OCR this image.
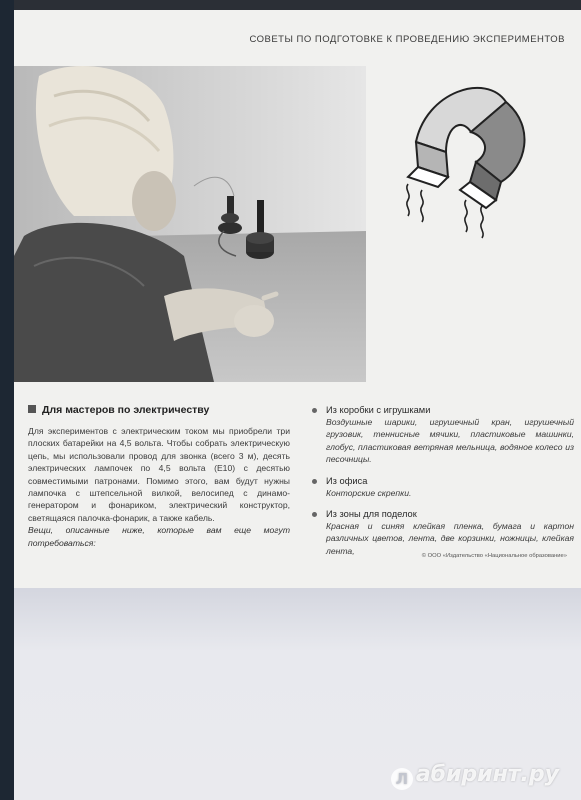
СОВЕТЫ ПО ПОДГОТОВКЕ К ПРОВЕДЕНИЮ ЭКСПЕРИМЕНТОВ
Для мастеров по электричеству

Для экспериментов с электрическим током мы приобрели три плоских батарейки на 4,5 вольта. Чтобы собрать электрическую цепь, мы использовали провод для звонка (всего 3 м), десять электрических лампочек по 4,5 вольта (E10) с десятью совместимыми патронами. Помимо этого, вам будут нужны лампочка с штепсельной вилкой, велосипед с динамо-генератором и фонариком, электрический конструктор, светящаяся палочка-фонарик, а также кабель.

Вещи, описанные ниже, которые вам еще могут потребоваться:
Из коробки с игрушками
Воздушные шарики, игрушечный кран, игрушечный грузовик, теннисные мячики, пластиковые машинки, глобус, пластиковая ветряная мельница, водяное колесо из песочницы.
Из офиса
Конторские скрепки.
Из зоны для поделок
Красная и синяя клейкая пленка, бумага и картон различных цветов, лента, две корзинки, ножницы, клейкая лента,
© ООО «Издательство «Национальное образование»
Л абиринт.ру
